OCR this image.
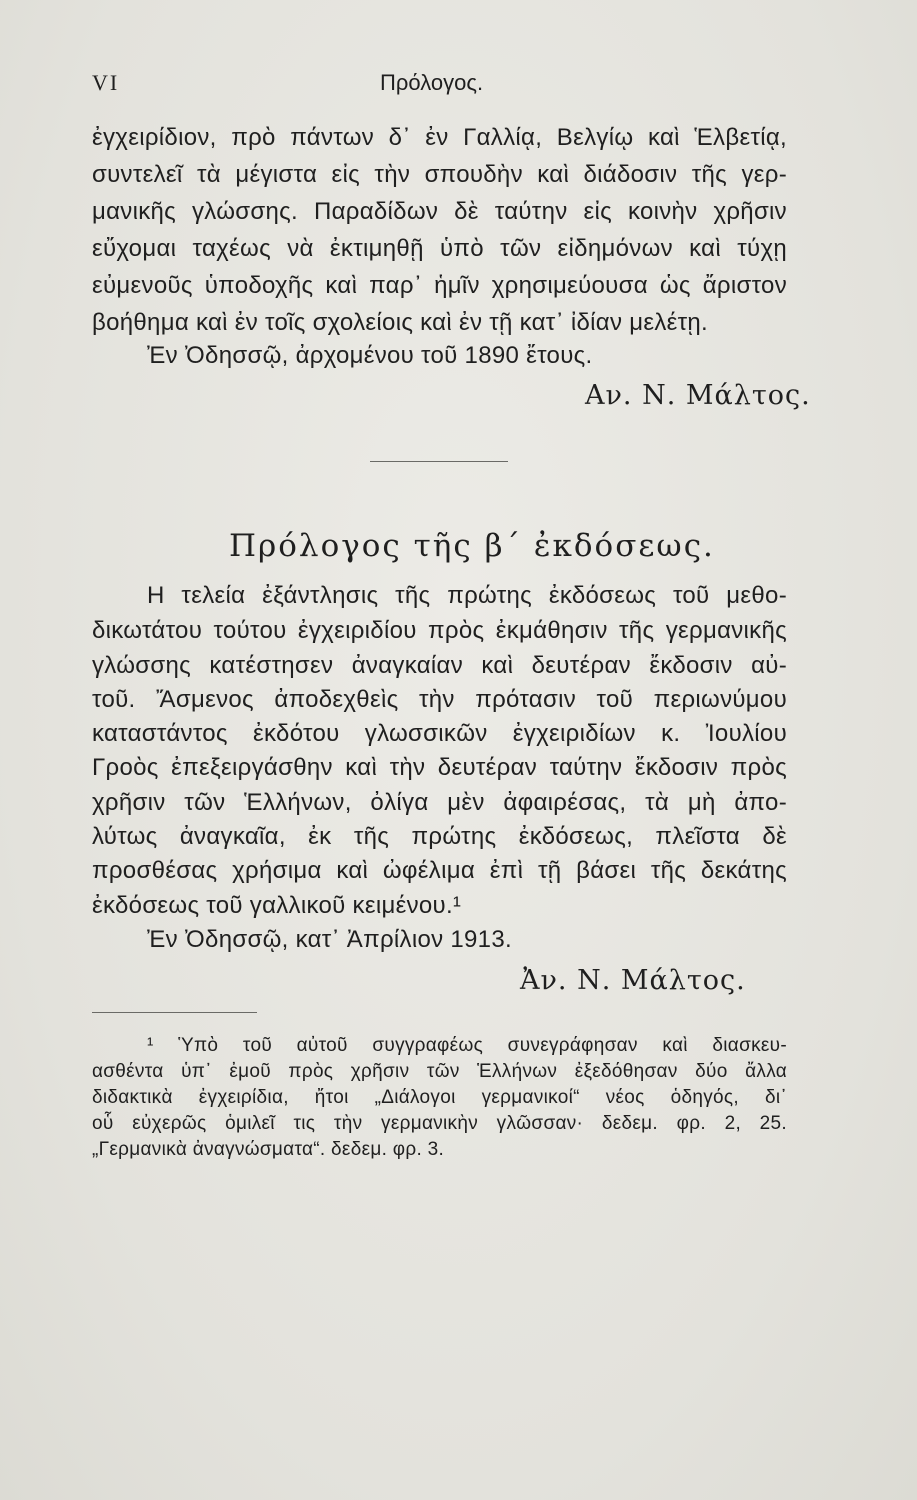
VI	Πρόλογος.
ἐγχειρίδιον, πρὸ πάντων δ᾽ ἐν Γαλλίᾳ, Βελγίῳ καὶ Ἑλβετίᾳ,
συντελεῖ τὰ μέγιστα εἰς τὴν σπουδὴν καὶ διάδοσιν τῆς γερ-
μανικῆς γλώσσης. Παραδίδων δὲ ταύτην εἰς κοινὴν χρῆσιν
εὔχομαι ταχέως νὰ ἐκτιμηθῇ ὑπὸ τῶν εἰδημόνων καὶ τύχῃ
εὐμενοῦς ὑποδοχῆς καὶ παρ᾽ ἡμῖν χρησιμεύουσα ὡς ἄριστον
βοήθημα καὶ ἐν τοῖς σχολείοις καὶ ἐν τῇ κατ᾽ ἰδίαν μελέτῃ.
Ἐν Ὀδησσῷ, ἀρχομένου τοῦ 1890 ἔτους.
Αν. Ν. Μάλτος.
Πρόλογος τῆς β´ ἐκδόσεως.
Η τελεία ἐξάντλησις τῆς πρώτης ἐκδόσεως τοῦ μεθο-
δικωτάτου τούτου ἐγχειριδίου πρὸς ἐκμάθησιν τῆς γερμανικῆς
γλώσσης κατέστησεν ἀναγκαίαν καὶ δευτέραν ἔκδοσιν αὐ-
τοῦ. Ἄσμενος ἀποδεχθεὶς τὴν πρότασιν τοῦ περιωνύμου
καταστάντος ἐκδότου γλωσσικῶν ἐγχειριδίων κ. Ἰουλίου
Γροὸς ἐπεξειργάσθην καὶ τὴν δευτέραν ταύτην ἔκδοσιν πρὸς
χρῆσιν τῶν Ἑλλήνων, ὀλίγα μὲν ἀφαιρέσας, τὰ μὴ ἀπο-
λύτως ἀναγκαῖα, ἐκ τῆς πρώτης ἐκδόσεως, πλεῖστα δὲ
προσθέσας χρήσιμα καὶ ὠφέλιμα ἐπὶ τῇ βάσει τῆς δεκάτης
ἐκδόσεως τοῦ γαλλικοῦ κειμένου.¹
Ἐν Ὀδησσῷ, κατ᾽ Ἀπρίλιον 1913.
Ἀν. Ν. Μάλτος.
¹ Ὑπὸ τοῦ αὐτοῦ συγγραφέως συνεγράφησαν καὶ διασκευ-
ασθέντα ὑπ᾽ ἐμοῦ πρὸς χρῆσιν τῶν Ἑλλήνων ἐξεδόθησαν δύο ἄλλα
διδακτικὰ ἐγχειρίδια, ἤτοι „Διάλογοι γερμανικοί“ νέος ὁδηγός, δι᾽
οὗ εὐχερῶς ὁμιλεῖ τις τὴν γερμανικὴν γλῶσσαν· δεδεμ. φρ. 2, 25.
„Γερμανικὰ ἀναγνώσματα“. δεδεμ. φρ. 3.
